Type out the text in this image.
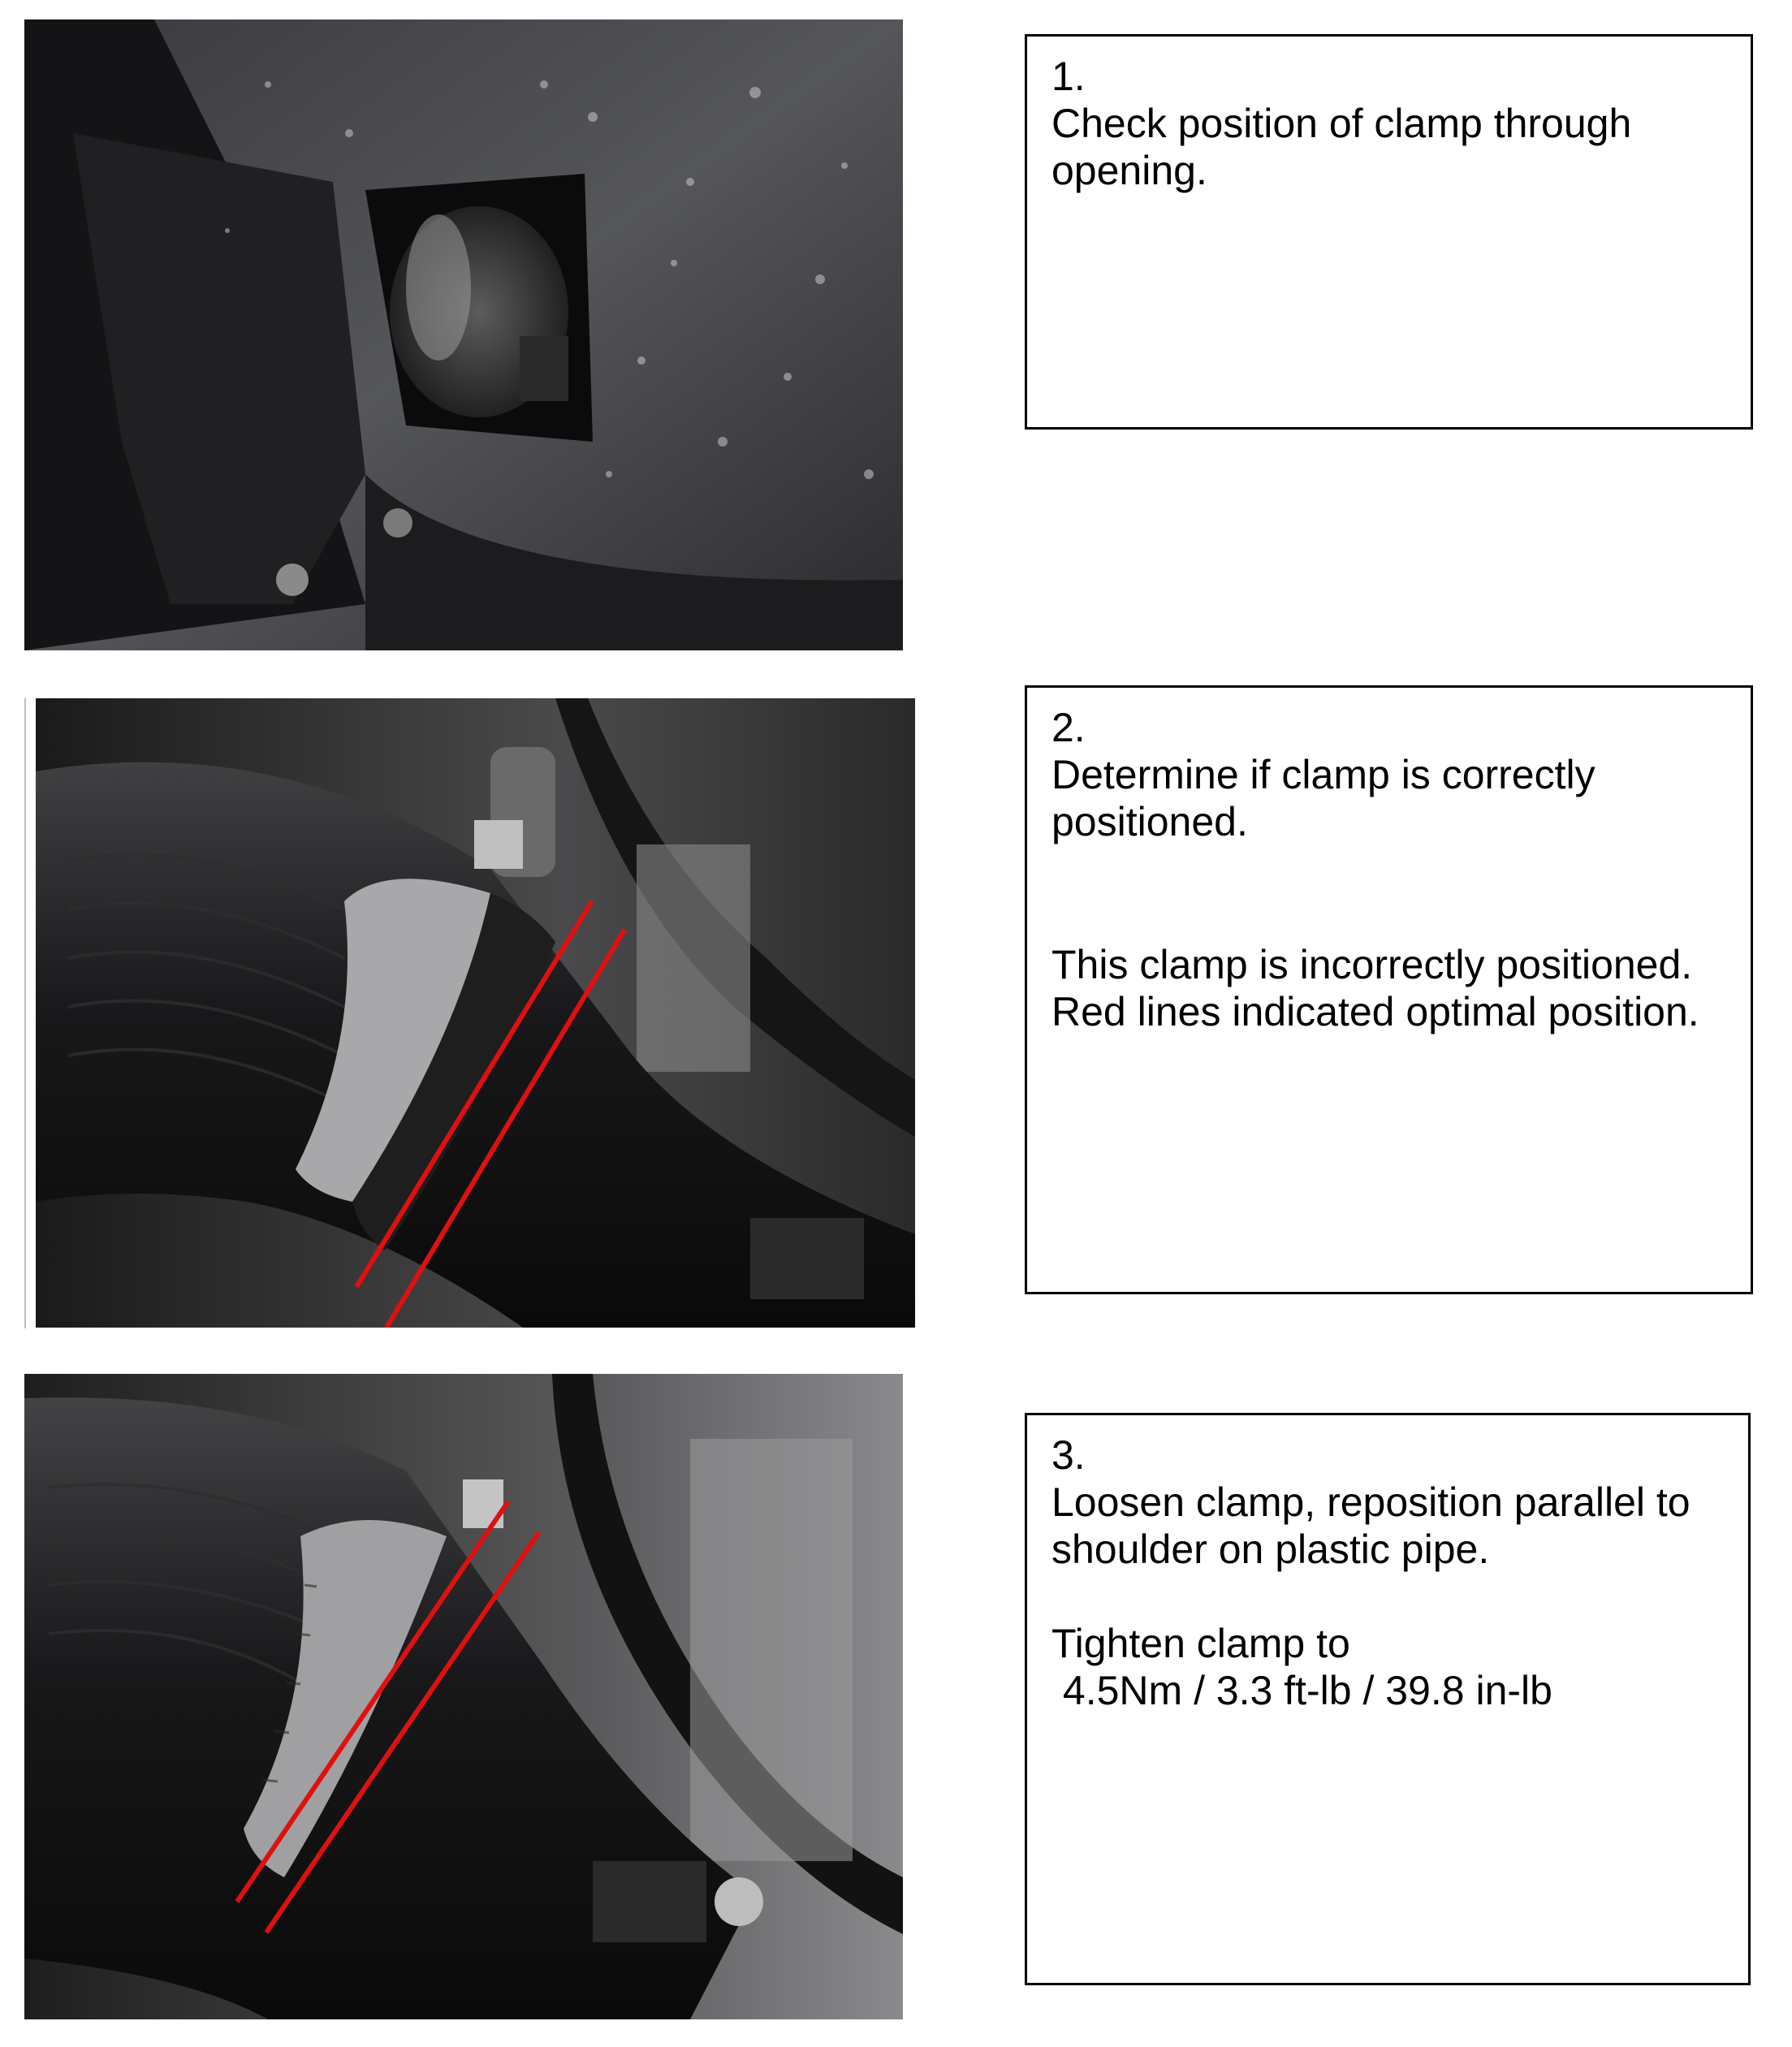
1.

Check position of clamp through opening.

2.

Determine if clamp is correctly positioned.

This clamp is incorrectly positioned.
Red lines indicated optimal position.

3.

Loosen clamp, reposition parallel to shoulder on plastic pipe.

Tighten clamp to
4.5Nm / 3.3 ft-lb / 39.8 in-lb
